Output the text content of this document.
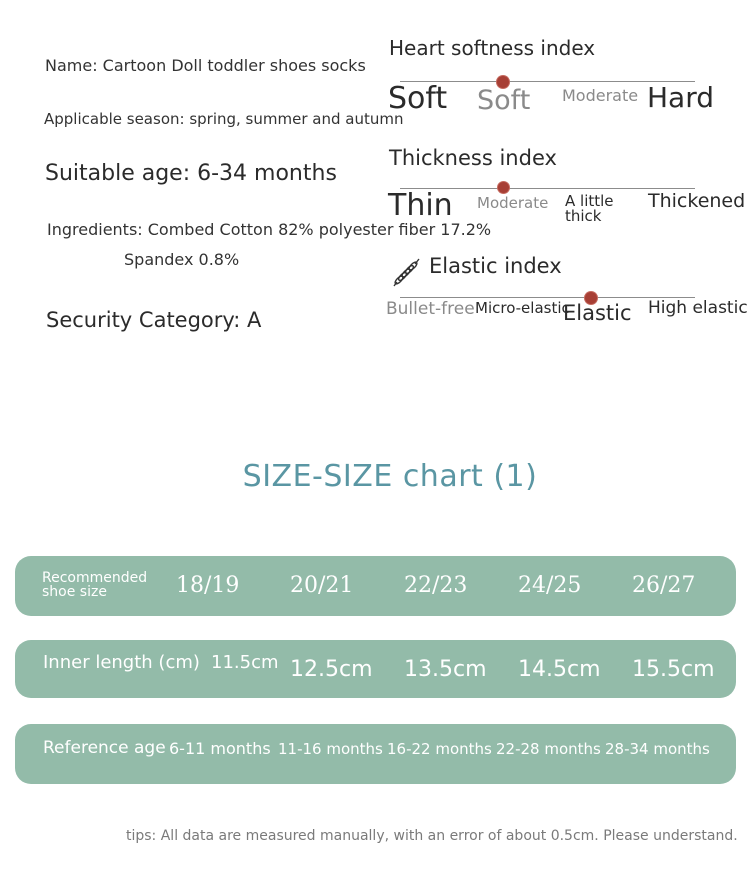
Name: Cartoon Doll toddler shoes socks
Applicable season: spring, summer and autumn
Suitable age: 6-34 months
Ingredients: Combed Cotton 82% polyester fiber 17.2%
Spandex 0.8%
Security Category: A
Heart softness index
Soft Soft Moderate Hard
Thickness index
Thin Moderate A little thick
Thickened
Elastic index
Bullet-free Micro-elastic
Elastic High elastic
SIZE-SIZE chart (1)
Recommended
shoe size	18/19 20/21 22/23 24/25 26/27
Inner length (cm) 11.5cm 12.5cm 13.5cm 14.5cm 15.5cm
Reference age 6-11 months 11-16 months 16-22 months 22-28 months 28-34 months
tips: All data are measured manually, with an error of about 0.5cm. Please understand.
